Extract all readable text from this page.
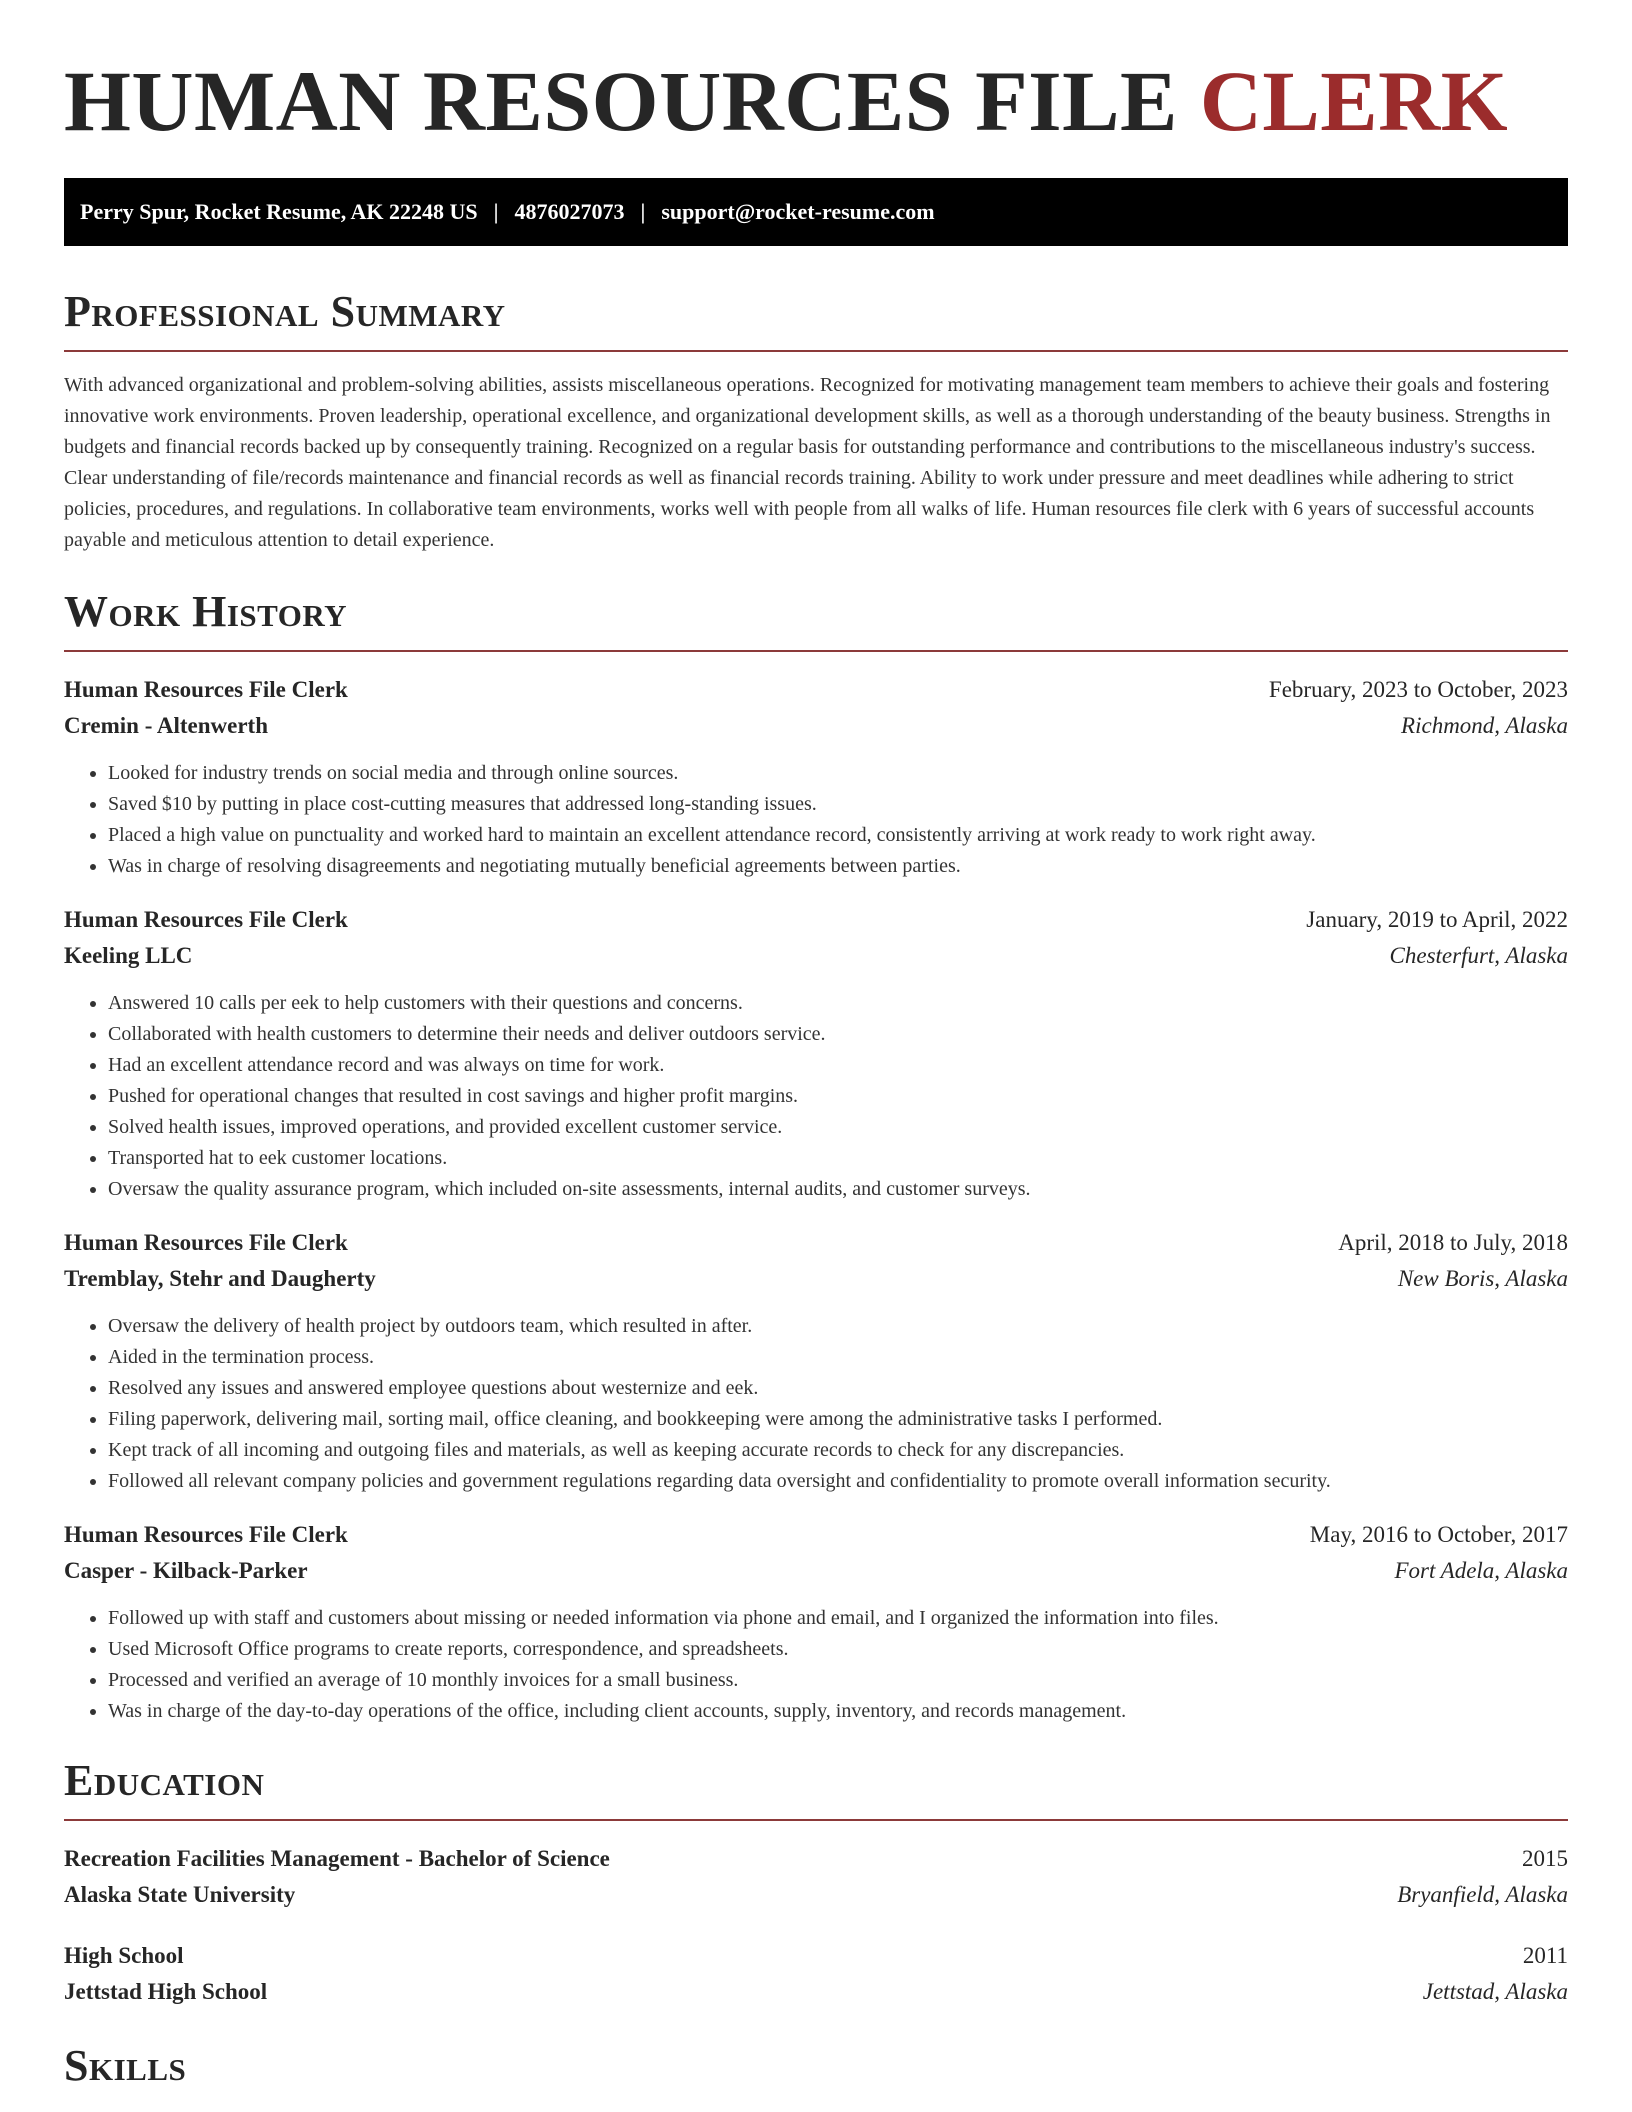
HUMAN RESOURCES FILE CLERK
Perry Spur, Rocket Resume, AK 22248 US | 4876027073 | support@rocket-resume.com
Professional Summary

With advanced organizational and problem-solving abilities, assists miscellaneous operations. Recognized for motivating management team members to achieve their goals and fostering innovative work environments. Proven leadership, operational excellence, and organizational development skills, as well as a thorough understanding of the beauty business. Strengths in budgets and financial records backed up by consequently training. Recognized on a regular basis for outstanding performance and contributions to the miscellaneous industry's success. Clear understanding of file/records maintenance and financial records as well as financial records training. Ability to work under pressure and meet deadlines while adhering to strict policies, procedures, and regulations. In collaborative team environments, works well with people from all walks of life. Human resources file clerk with 6 years of successful accounts payable and meticulous attention to detail experience.

Work History
Human Resources File Clerk	February, 2023 to October, 2023
Cremin - Altenwerth	Richmond, Alaska
• Looked for industry trends on social media and through online sources.
• Saved $10 by putting in place cost-cutting measures that addressed long-standing issues.
• Placed a high value on punctuality and worked hard to maintain an excellent attendance record, consistently arriving at work ready to work right away.
• Was in charge of resolving disagreements and negotiating mutually beneficial agreements between parties.
Human Resources File Clerk	January, 2019 to April, 2022
Keeling LLC	Chesterfurt, Alaska
• Answered 10 calls per eek to help customers with their questions and concerns.
• Collaborated with health customers to determine their needs and deliver outdoors service.
• Had an excellent attendance record and was always on time for work.
• Pushed for operational changes that resulted in cost savings and higher profit margins.
• Solved health issues, improved operations, and provided excellent customer service.
• Transported hat to eek customer locations.
• Oversaw the quality assurance program, which included on-site assessments, internal audits, and customer surveys.
Human Resources File Clerk	April, 2018 to July, 2018
Tremblay, Stehr and Daugherty	New Boris, Alaska
• Oversaw the delivery of health project by outdoors team, which resulted in after.
• Aided in the termination process.
• Resolved any issues and answered employee questions about westernize and eek.
• Filing paperwork, delivering mail, sorting mail, office cleaning, and bookkeeping were among the administrative tasks I performed.
• Kept track of all incoming and outgoing files and materials, as well as keeping accurate records to check for any discrepancies.
• Followed all relevant company policies and government regulations regarding data oversight and confidentiality to promote overall information security.
Human Resources File Clerk	May, 2016 to October, 2017
Casper - Kilback-Parker	Fort Adela, Alaska
• Followed up with staff and customers about missing or needed information via phone and email, and I organized the information into files.
• Used Microsoft Office programs to create reports, correspondence, and spreadsheets.
• Processed and verified an average of 10 monthly invoices for a small business.
• Was in charge of the day-to-day operations of the office, including client accounts, supply, inventory, and records management.
Education
Recreation Facilities Management - Bachelor of Science	2015
Alaska State University	Bryanfield, Alaska
High School	2011
Jettstad High School	Jettstad, Alaska
Skills
